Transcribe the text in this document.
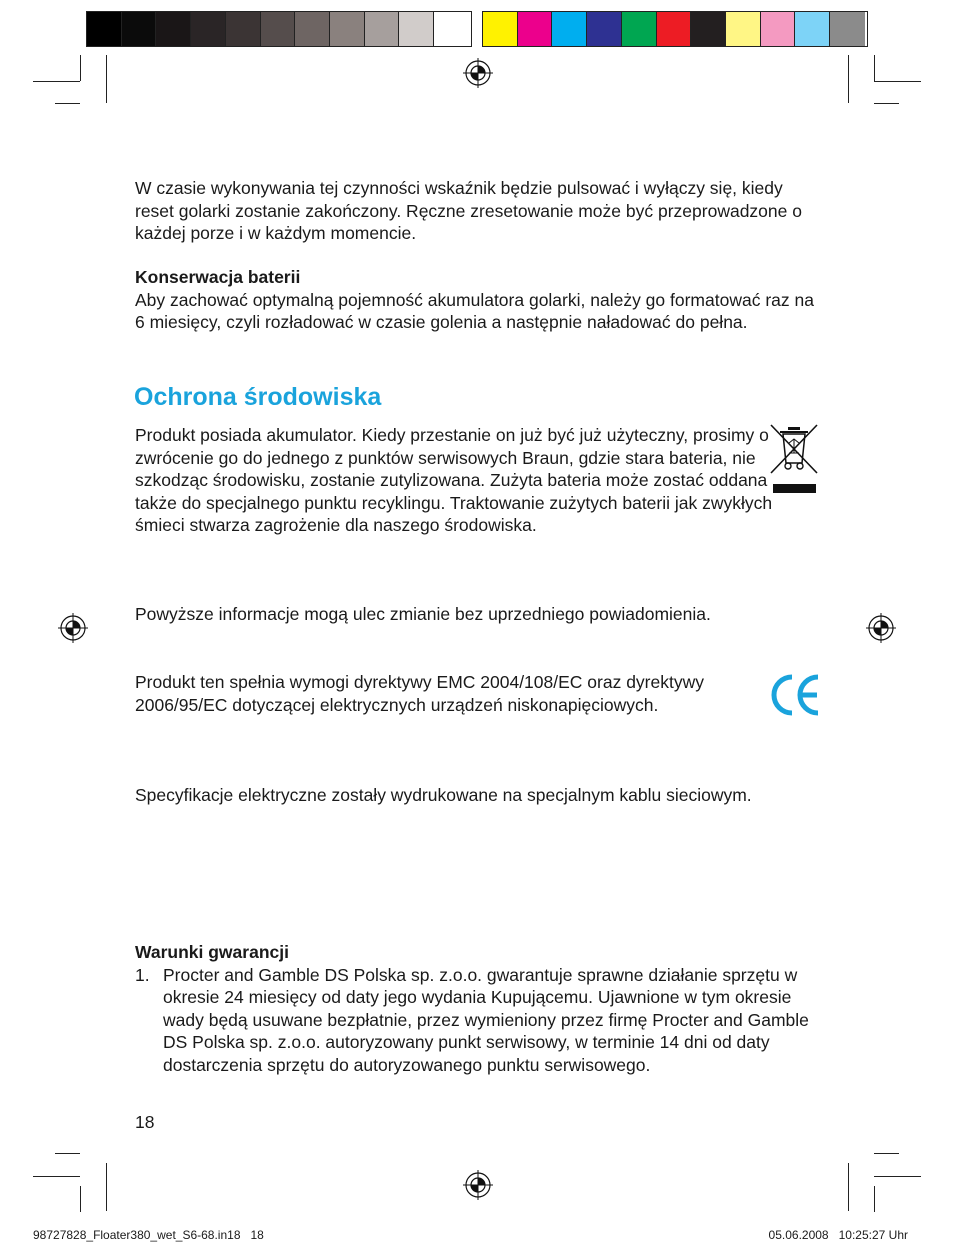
W czasie wykonywania tej czynności wskaźnik będzie pulsować i wyłączy się, kiedy reset golarki zostanie zakończony. Ręczne zresetowanie może być przeprowadzone o każdej porze i w każdym momencie.

Konserwacja baterii
Aby zachować optymalną pojemność akumulatora golarki, należy go formatować raz na 6 miesięcy, czyli rozładować w czasie golenia a następnie naładować do pełna.
Ochrona środowiska

Produkt posiada akumulator. Kiedy przestanie on już być już użyteczny, prosimy o zwrócenie go do jednego z punktów serwisowych Braun, gdzie stara bateria, nie szkodząc środowisku, zostanie zutylizowana. Zużyta bateria może zostać oddana także do specjalnego punktu recyklingu. Traktowanie zużytych baterii jak zwykłych śmieci stwarza zagrożenie dla naszego środowiska.

Powyższe informacje mogą ulec zmianie bez uprzedniego powiadomienia.

Produkt ten spełnia wymogi dyrektywy EMC 2004/108/EC oraz dyrektywy 2006/95/EC dotyczącej elektrycznych urządzeń niskonapięciowych.

Specyfikacje elektryczne zostały wydrukowane na specjalnym kablu sieciowym.

Warunki gwarancji
1. Procter and Gamble DS Polska sp. z.o.o. gwarantuje sprawne działanie sprzętu w okresie 24 miesięcy od daty jego wydania Kupującemu. Ujawnione w tym okresie wady będą usuwane bezpłatnie, przez wymieniony przez firmę Procter and Gamble DS Polska sp. z.o.o. autoryzowany punkt serwisowy, w terminie 14 dni od daty dostarczenia sprzętu do autoryzowanego punktu serwisowego.
18
98727828_Floater380_wet_S6-68.in18   18	05.06.2008   10:25:27 Uhr
